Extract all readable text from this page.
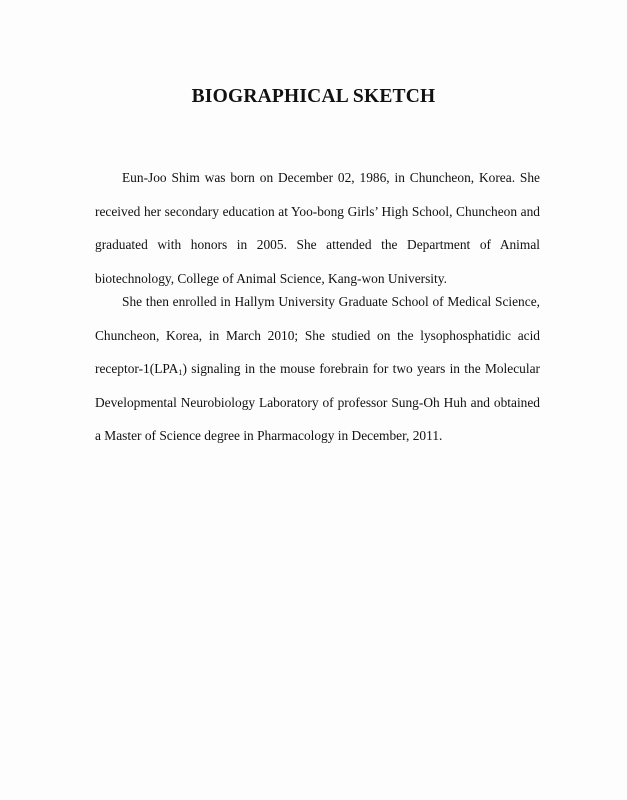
BIOGRAPHICAL SKETCH

Eun-Joo Shim was born on December 02, 1986, in Chuncheon, Korea. She received her secondary education at Yoo-bong Girls’ High School, Chuncheon and graduated with honors in 2005. She attended the Department of Animal biotechnology, College of Animal Science, Kang-won University.

She then enrolled in Hallym University Graduate School of Medical Science, Chuncheon, Korea, in March 2010; She studied on the lysophosphatidic acid receptor-$1(LPA_1)$ signaling in the mouse forebrain for two years in the Molecular Developmental Neurobiology Laboratory of professor Sung-Oh Huh and obtained a Master of Science degree in Pharmacology in December, 2011.
